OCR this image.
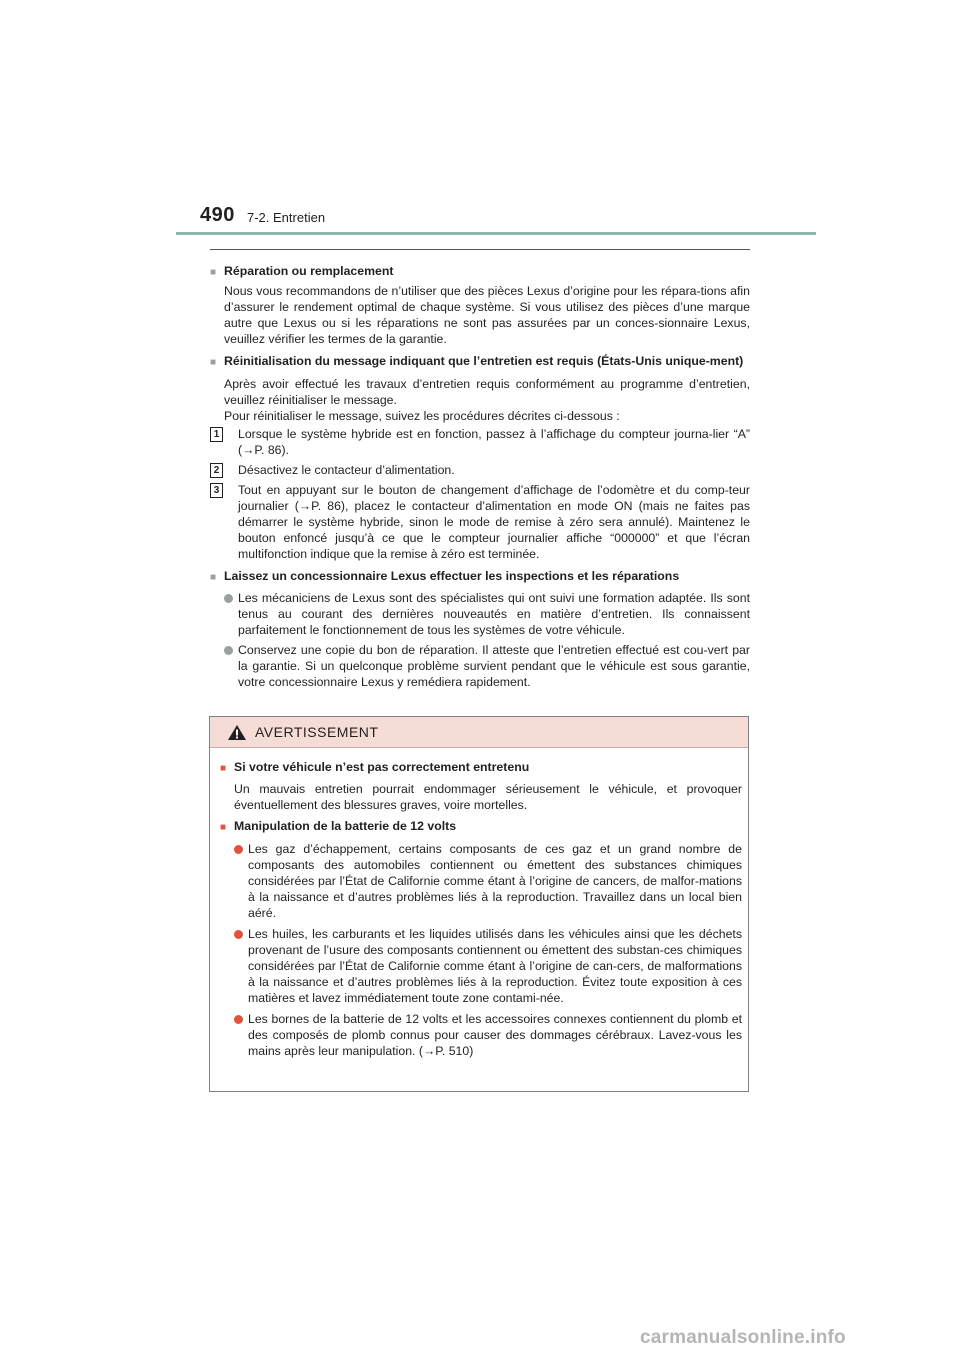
490 7-2. Entretien
■Réparation ou remplacement
Nous vous recommandons de n’utiliser que des pièces Lexus d’origine pour les répara-tions afin d’assurer le rendement optimal de chaque système. Si vous utilisez des pièces d’une marque autre que Lexus ou si les réparations ne sont pas assurées par un conces-sionnaire Lexus, veuillez vérifier les termes de la garantie.
■Réinitialisation du message indiquant que l’entretien est requis (États-Unis unique-ment)
Après avoir effectué les travaux d’entretien requis conformément au programme d’entretien, veuillez réinitialiser le message.
Pour réinitialiser le message, suivez les procédures décrites ci-dessous :
1	Lorsque le système hybride est en fonction, passez à l’affichage du compteur journa-lier “A” (→P. 86).
2	Désactivez le contacteur d’alimentation.
3	Tout en appuyant sur le bouton de changement d’affichage de l’odomètre et du comp-teur journalier (→P. 86), placez le contacteur d’alimentation en mode ON (mais ne faites pas démarrer le système hybride, sinon le mode de remise à zéro sera annulé). Maintenez le bouton enfoncé jusqu’à ce que le compteur journalier affiche “000000” et que l’écran multifonction indique que la remise à zéro est terminée.
■Laissez un concessionnaire Lexus effectuer les inspections et les réparations
Les mécaniciens de Lexus sont des spécialistes qui ont suivi une formation adaptée. Ils sont tenus au courant des dernières nouveautés en matière d’entretien. Ils connaissent parfaitement le fonctionnement de tous les systèmes de votre véhicule.
Conservez une copie du bon de réparation. Il atteste que l’entretien effectué est cou-vert par la garantie. Si un quelconque problème survient pendant que le véhicule est sous garantie, votre concessionnaire Lexus y remédiera rapidement.
AVERTISSEMENT
■Si votre véhicule n’est pas correctement entretenu
Un mauvais entretien pourrait endommager sérieusement le véhicule, et provoquer éventuellement des blessures graves, voire mortelles.
■Manipulation de la batterie de 12 volts
Les gaz d’échappement, certains composants de ces gaz et un grand nombre de composants des automobiles contiennent ou émettent des substances chimiques considérées par l’État de Californie comme étant à l’origine de cancers, de malfor-mations à la naissance et d’autres problèmes liés à la reproduction. Travaillez dans un local bien aéré.
Les huiles, les carburants et les liquides utilisés dans les véhicules ainsi que les déchets provenant de l’usure des composants contiennent ou émettent des substan-ces chimiques considérées par l’État de Californie comme étant à l’origine de can-cers, de malformations à la naissance et d’autres problèmes liés à la reproduction. Évitez toute exposition à ces matières et lavez immédiatement toute zone contami-née.
Les bornes de la batterie de 12 volts et les accessoires connexes contiennent du plomb et des composés de plomb connus pour causer des dommages cérébraux. Lavez-vous les mains après leur manipulation. (→P. 510)
carmanualsonline.info
